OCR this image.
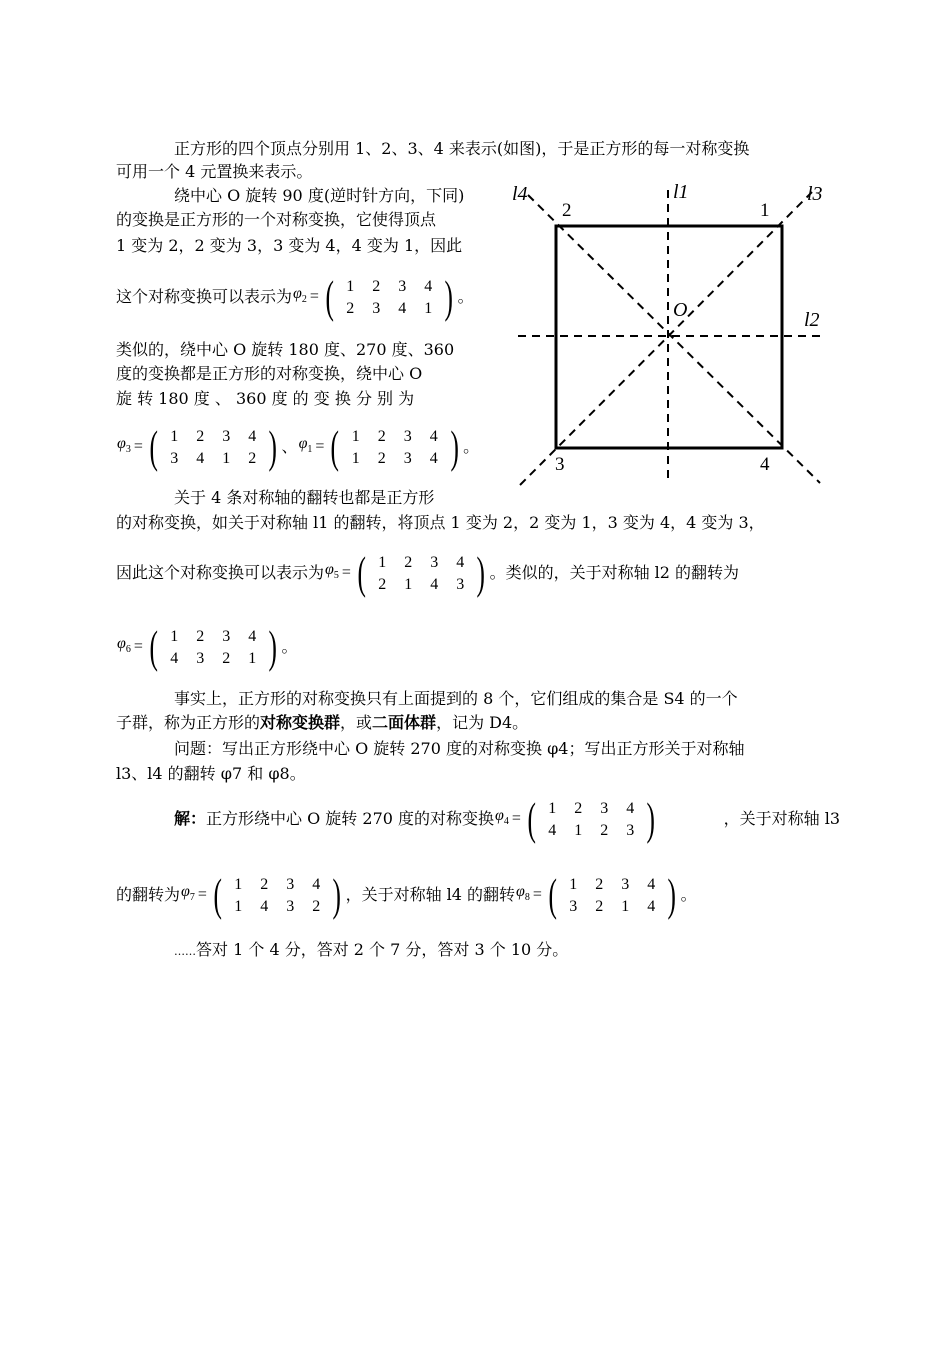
正方形的四个顶点分别用 1、2、3、4 来表示(如图)，于是正方形的每一对称变换
可用一个 4 元置换来表示。
绕中心 O 旋转 90 度(逆时针方向，下同)
的变换是正方形的一个对称变换，它使得顶点
1 变为 2，2 变为 3，3 变为 4，4 变为 1，因此
这个对称变换可以表示为 $\varphi_2$ = ( 1	2	3	4
2	3	4	1 ) 。
类似的，绕中心 O 旋转 180 度、270 度、360
度的变换都是正方形的对称变换，绕中心 O
旋 转 180 度 、 360 度 的 变 换 分 别 为
$\varphi_3$ = ( 1	2	3	4
3	4	1	2 ) 、 $\varphi_1$ = ( 1	2	3	4
1	2	3	4 ) 。
1
2
3	4
O
l1
l2
l3
l4
关于 4 条对称轴的翻转也都是正方形
的对称变换，如关于对称轴 l1 的翻转，将顶点 1 变为 2，2 变为 1，3 变为 4，4 变为 3，
因此这个对称变换可以表示为 $\varphi_5$ = ( 1	2	3	4
2	1	4	3 ) 。类似的，关于对称轴 l2 的翻转为
$\varphi_6$ = ( 1	2	3	4
4	3	2	1 ) 。
事实上，正方形的对称变换只有上面提到的 8 个，它们组成的集合是 S4 的一个
子群，称为正方形的对称变换群，或二面体群，记为 D4。
问题：写出正方形绕中心 O 旋转 270 度的对称变换 φ4；写出正方形关于对称轴
l3、l4 的翻转 φ7 和 φ8。
解： 正方形绕中心 O 旋转 270 度的对称变换 $\varphi_4$ = ( 1	2	3	4
4	1	2	3 )	，关于对称轴 l3
的翻转为 $\varphi_7$ = ( 1	2	3	4
1	4	3	2 ) ，关于对称轴 l4 的翻转 $\varphi_8$ = ( 1	2	3	4
3	2	1	4 ) 。
……答对 1 个 4 分，答对 2 个 7 分，答对 3 个 10 分。
